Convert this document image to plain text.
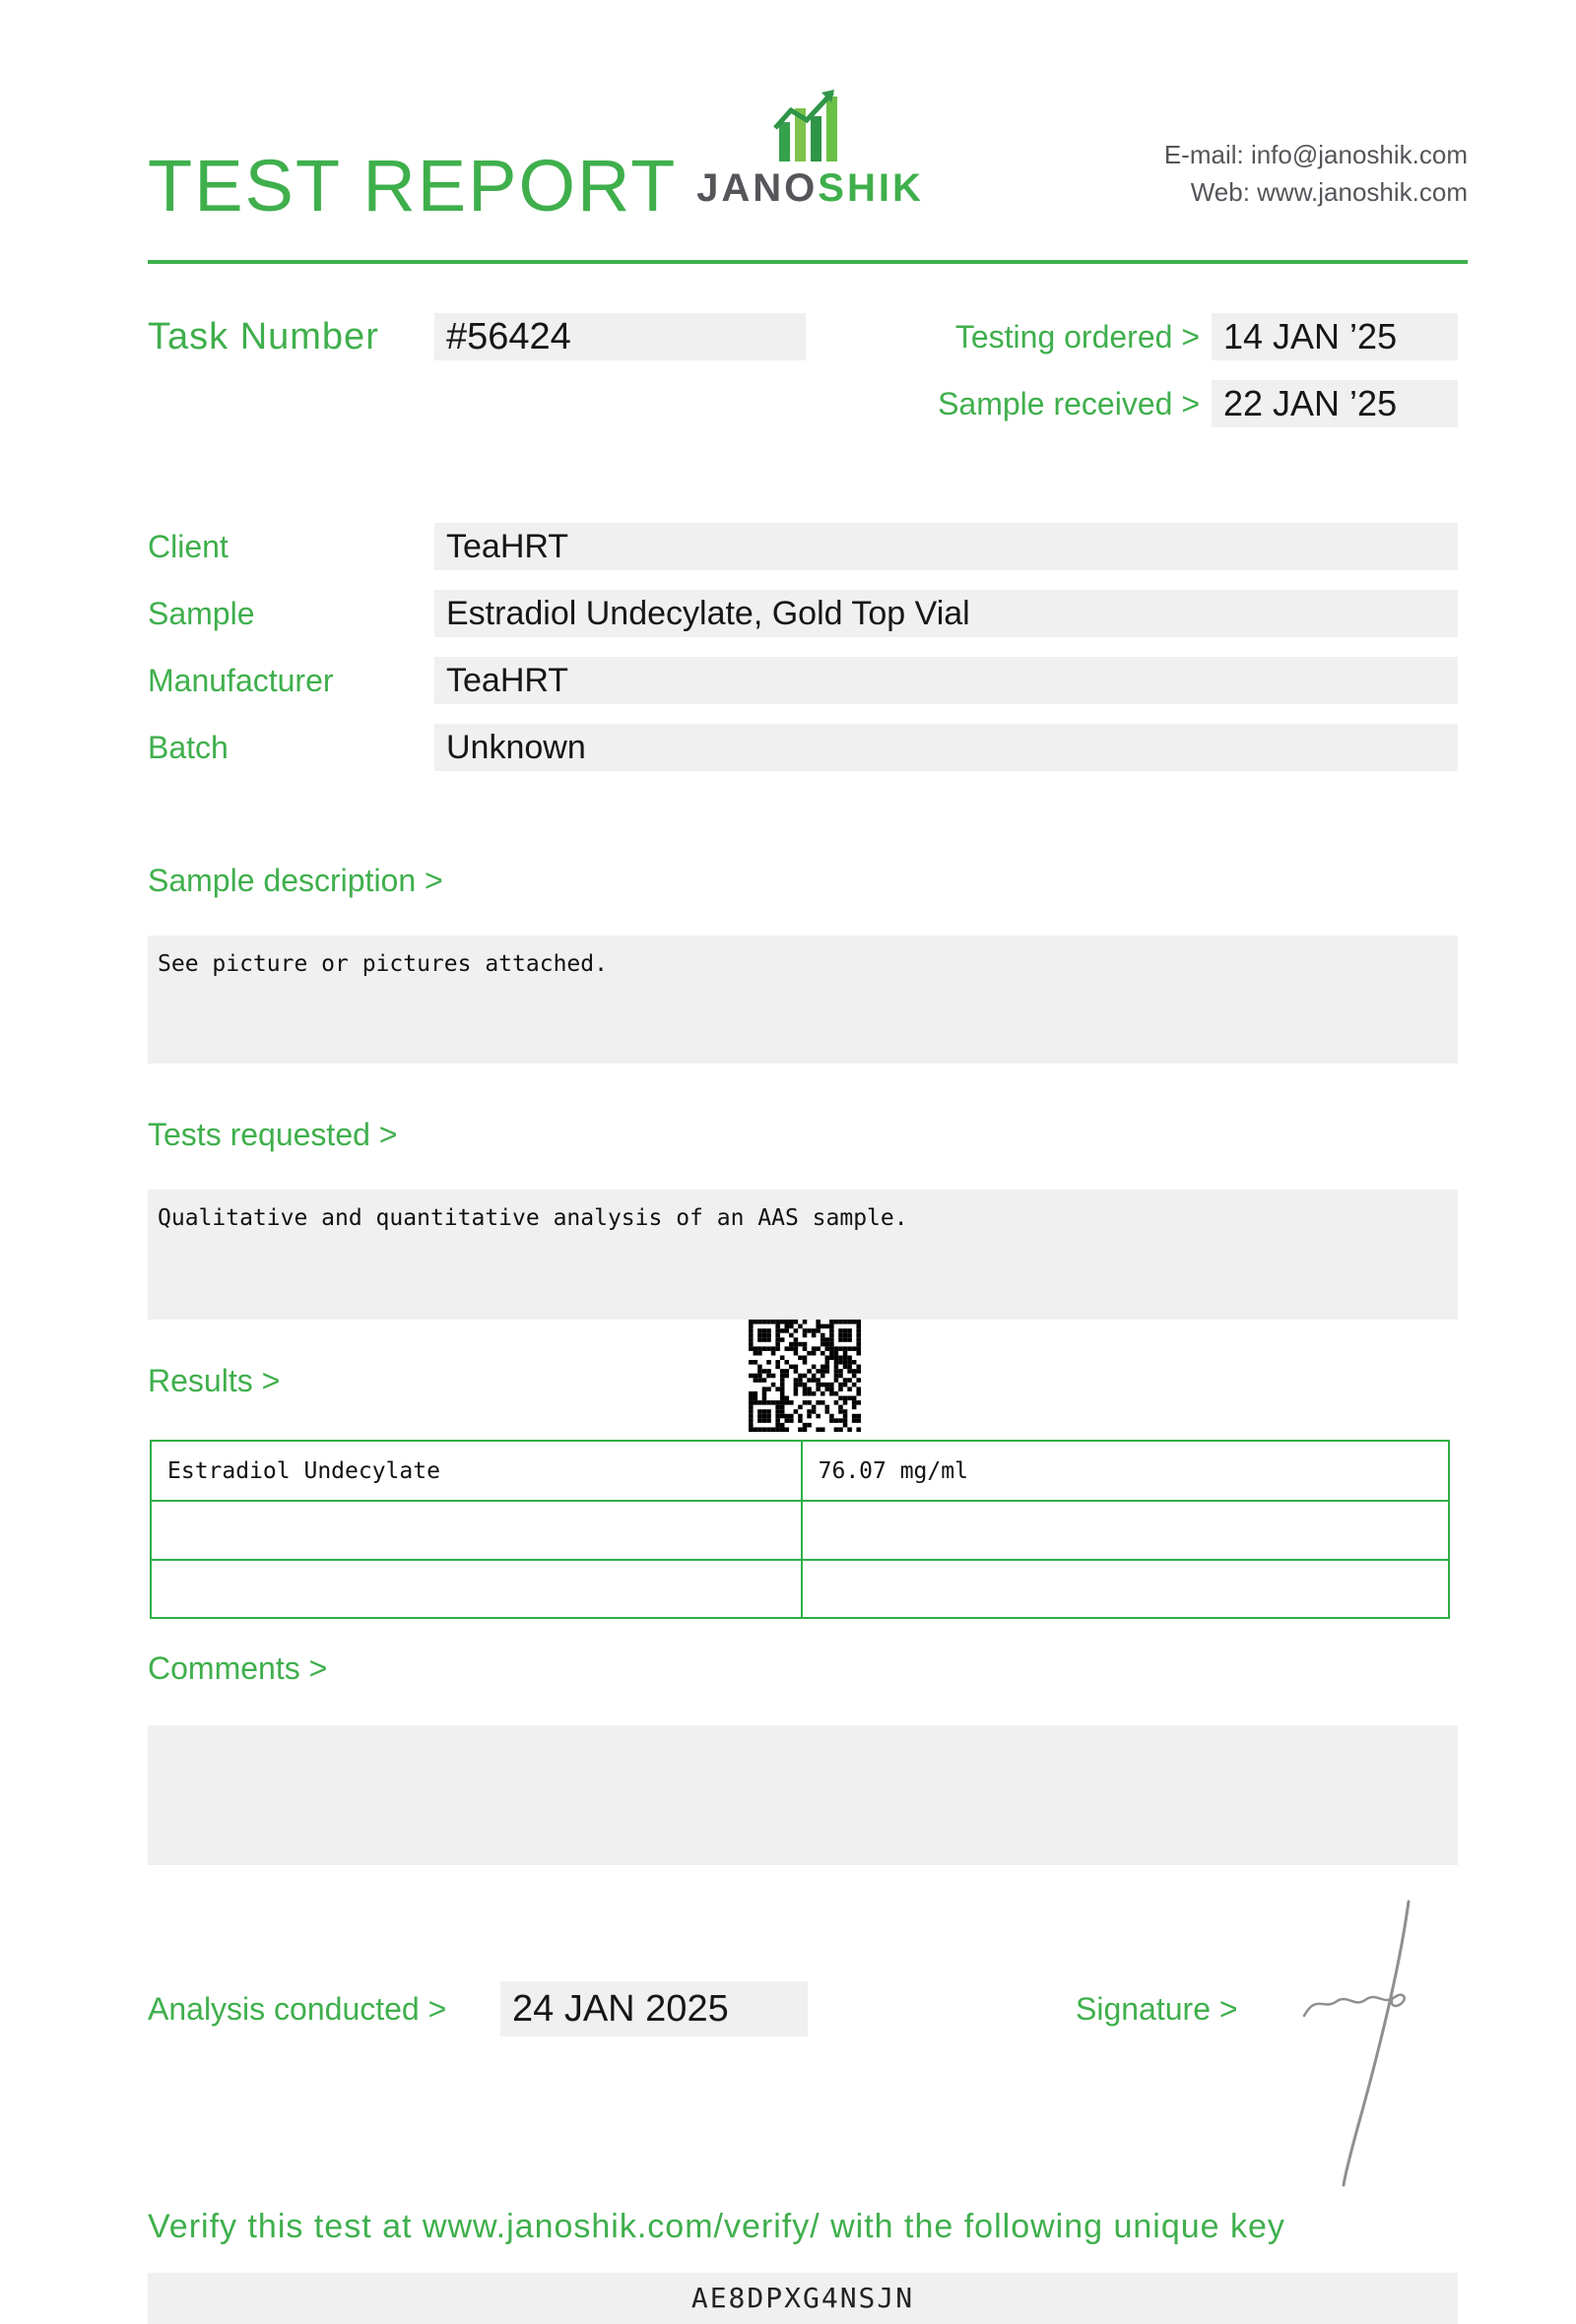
TEST REPORT JANOSHIK
E-mail: info@janoshik.com
Web: www.janoshik.com
Task Number	#56424	Testing ordered > 14 JAN ’25
Sample received > 22 JAN ’25
Client	TeaHRT
Sample	Estradiol Undecylate, Gold Top Vial
Manufacturer	TeaHRT
Batch	Unknown
Sample description >
See picture or pictures attached.
Tests requested >
Qualitative and quantitative analysis of an AAS sample.
Results >
Estradiol Undecylate	76.07 mg/ml
Comments >
Analysis conducted >	24 JAN 2025	Signature >
Verify this test at www.janoshik.com/verify/ with the following unique key
AE8DPXG4NSJN
